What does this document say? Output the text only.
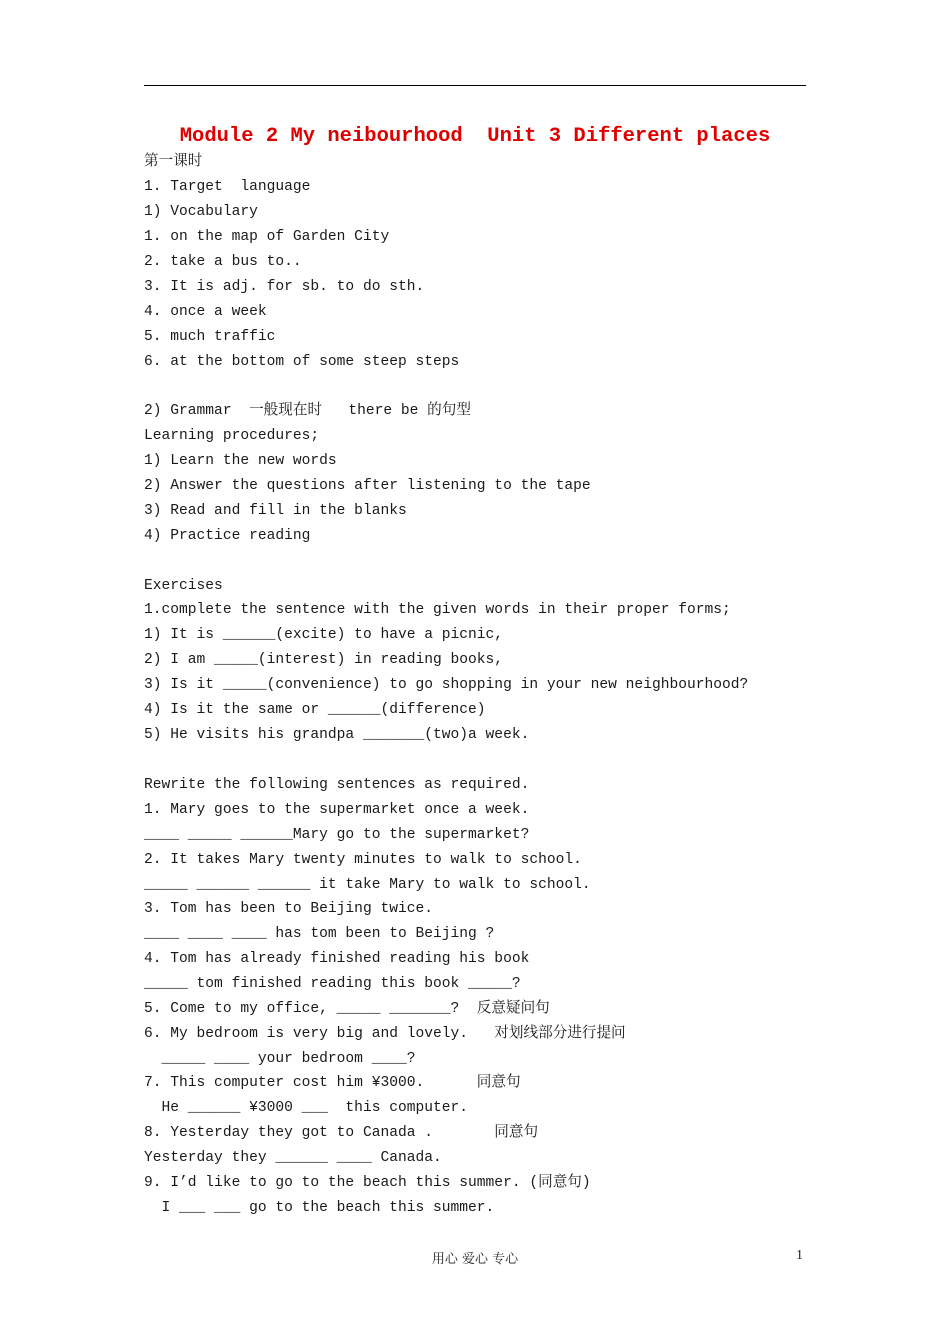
Module 2 My neibourhood  Unit 3 Different places
第一课时
1. Target  language
1) Vocabulary
1. on the map of Garden City
2. take a bus to..
3. It is adj. for sb. to do sth.
4. once a week
5. much traffic
6. at the bottom of some steep steps
2) Grammar  一般现在时   there be 的句型
Learning procedures;
1) Learn the new words
2) Answer the questions after listening to the tape
3) Read and fill in the blanks
4) Practice reading
Exercises
1.complete the sentence with the given words in their proper forms;
1) It is ______(excite) to have a picnic,
2) I am _____(interest) in reading books,
3) Is it _____(convenience) to go shopping in your new neighbourhood?
4) Is it the same or ______(difference)
5) He visits his grandpa _______(two)a week.
Rewrite the following sentences as required.
1. Mary goes to the supermarket once a week.
____ _____ ______Mary go to the supermarket?
2. It takes Mary twenty minutes to walk to school.
_____ ______ ______ it take Mary to walk to school.
3. Tom has been to Beijing twice.
____ ____ ____ has tom been to Beijing ?
4. Tom has already finished reading his book
_____ tom finished reading this book _____?
5. Come to my office, _____ _______?  反意疑问句
6. My bedroom is very big and lovely.   对划线部分进行提问
_____ ____ your bedroom ____?
7. This computer cost him ¥3000.      同意句
He ______ ¥3000 ___  this computer.
8. Yesterday they got to Canada .       同意句
Yesterday they ______ ____ Canada.
9. I’d like to go to the beach this summer. (同意句)
I ___ ___ go to the beach this summer.
用心 爱心 专心	1
